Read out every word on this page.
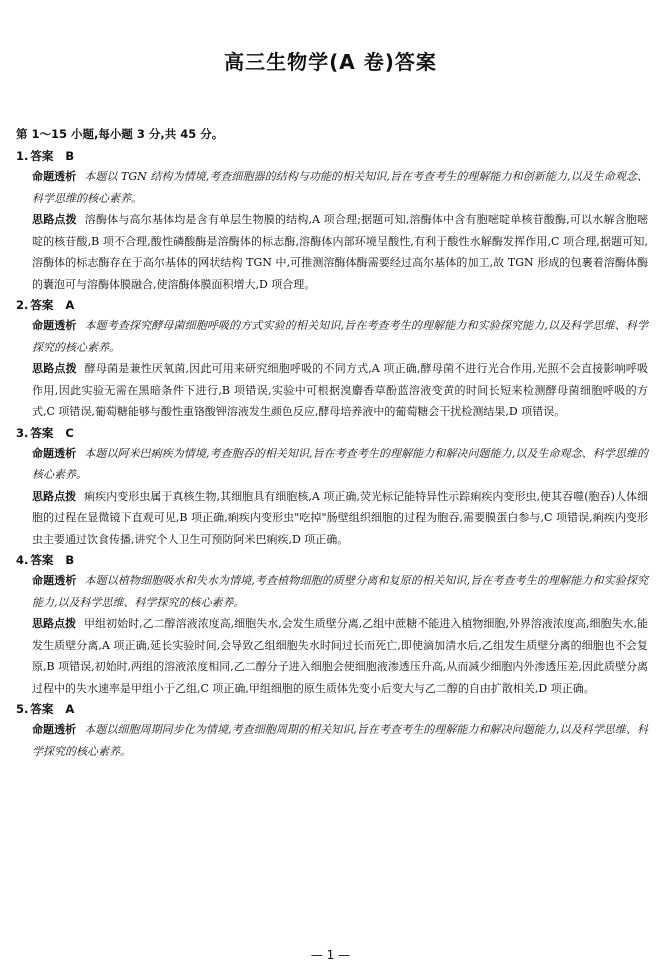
高三生物学(A 卷)答案
第 1～15 小题,每小题 3 分,共 45 分。
1. 答案 B
命题透析 本题以 TGN 结构为情境,考查细胞器的结构与功能的相关知识,旨在考查考生的理解能力和创新能力,以及生命观念、科学思维的核心素养。
思路点拨 溶酶体与高尔基体均是含有单层生物膜的结构,A 项合理;据题可知,溶酶体中含有胞嘧啶单核苷酸酶,可以水解含胞嘧啶的核苷酸,B 项不合理,酸性磷酸酶是溶酶体的标志酶,溶酶体内部环境呈酸性,有利于酸性水解酶发挥作用,C 项合理,据题可知,溶酶体的标志酶存在于高尔基体的网状结构 TGN 中,可推测溶酶体酶需要经过高尔基体的加工,故 TGN 形成的包裹着溶酶体酶的囊泡可与溶酶体膜融合,使溶酶体膜面积增大,D 项合理。
2. 答案 A
命题透析 本题考查探究酵母菌细胞呼吸的方式实验的相关知识,旨在考查考生的理解能力和实验探究能力,以及科学思维、科学探究的核心素养。
思路点拨 酵母菌是兼性厌氧菌,因此可用来研究细胞呼吸的不同方式,A 项正确,酵母菌不进行光合作用,光照不会直接影响呼吸作用,因此实验无需在黑暗条件下进行,B 项错误,实验中可根据溴麝香草酚蓝溶液变黄的时间长短来检测酵母菌细胞呼吸的方式,C 项错误,葡萄糖能够与酸性重铬酸钾溶液发生颜色反应,酵母培养液中的葡萄糖会干扰检测结果,D 项错误。
3. 答案 C
命题透析 本题以阿米巴痢疾为情境,考查胞吞的相关知识,旨在考查考生的理解能力和解决问题能力,以及生命观念、科学思维的核心素养。
思路点拨 痢疾内变形虫属于真核生物,其细胞具有细胞核,A 项正确,荧光标记能特异性示踪痢疾内变形虫,使其吞噬(胞吞)人体细胞的过程在显微镜下直观可见,B 项正确,痢疾内变形虫"吃掉"肠壁组织细胞的过程为胞吞,需要膜蛋白参与,C 项错误,痢疾内变形虫主要通过饮食传播,讲究个人卫生可预防阿米巴痢疾,D 项正确。
4. 答案 B
命题透析 本题以植物细胞吸水和失水为情境,考查植物细胞的质壁分离和复原的相关知识,旨在考查考生的理解能力和实验探究能力,以及科学思维、科学探究的核心素养。
思路点拨 甲组初始时,乙二醇溶液浓度高,细胞失水,会发生质壁分离,乙组中蔗糖不能进入植物细胞,外界溶液浓度高,细胞失水,能发生质壁分离,A 项正确,延长实验时间,会导致乙组细胞失水时间过长而死亡,即使滴加清水后,乙组发生质壁分离的细胞也不会复原,B 项错误,初始时,两组的溶液浓度相同,乙二醇分子进入细胞会使细胞液渗透压升高,从而减少细胞内外渗透压差,因此质壁分离过程中的失水速率是甲组小于乙组,C 项正确,甲组细胞的原生质体先变小后变大与乙二醇的自由扩散相关,D 项正确。
5. 答案 A
命题透析 本题以细胞周期同步化为情境,考查细胞周期的相关知识,旨在考查考生的理解能力和解决问题能力,以及科学思维、科学探究的核心素养。
— 1 —
